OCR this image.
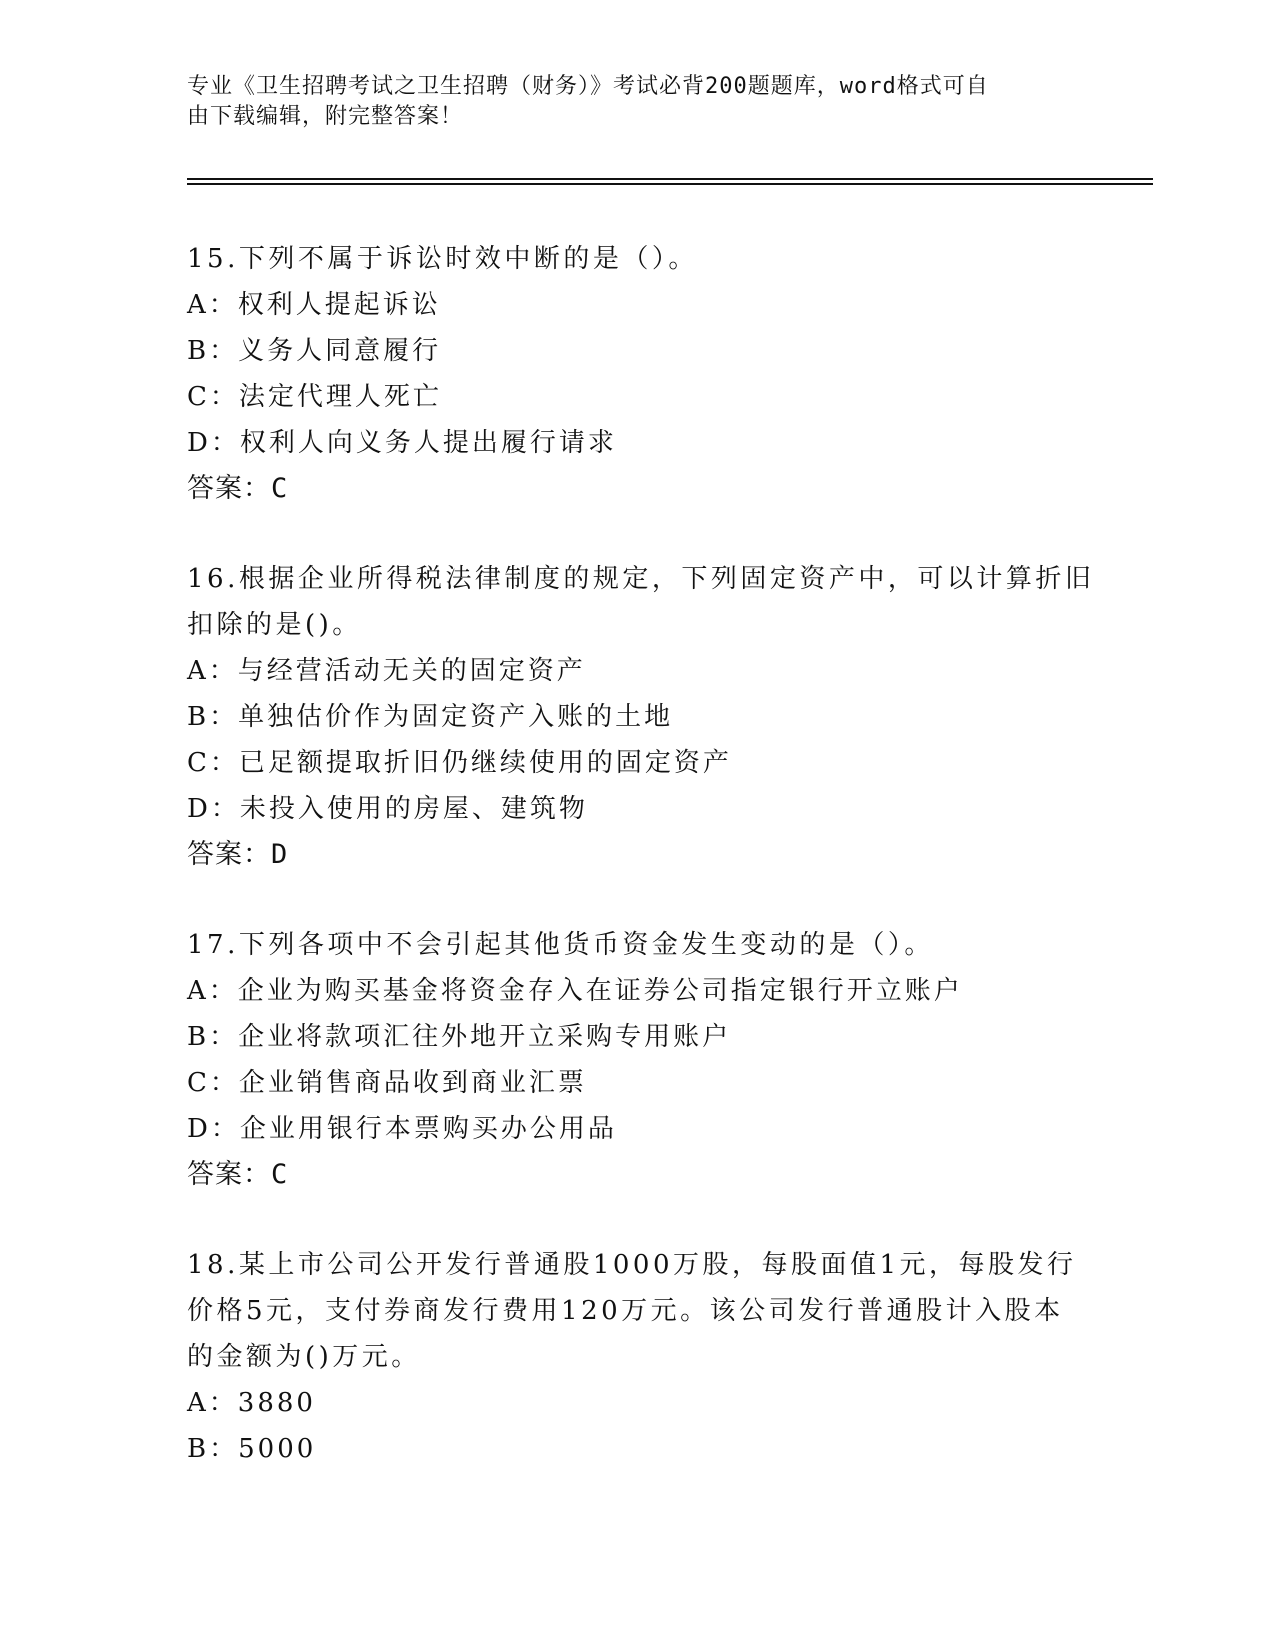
专业《卫生招聘考试之卫生招聘（财务）》考试必背200题题库，word格式可自
由下载编辑，附完整答案！
15.下列不属于诉讼时效中断的是（）。
A：权利人提起诉讼
B：义务人同意履行
C：法定代理人死亡
D：权利人向义务人提出履行请求
答案：C
16.根据企业所得税法律制度的规定，下列固定资产中，可以计算折旧
扣除的是()。
A：与经营活动无关的固定资产
B：单独估价作为固定资产入账的土地
C：已足额提取折旧仍继续使用的固定资产
D：未投入使用的房屋、建筑物
答案：D
17.下列各项中不会引起其他货币资金发生变动的是（）。
A：企业为购买基金将资金存入在证券公司指定银行开立账户
B：企业将款项汇往外地开立采购专用账户
C：企业销售商品收到商业汇票
D：企业用银行本票购买办公用品
答案：C
18.某上市公司公开发行普通股1000万股，每股面值1元，每股发行
价格5元，支付券商发行费用120万元。该公司发行普通股计入股本
的金额为()万元。
A：3880
B：5000
